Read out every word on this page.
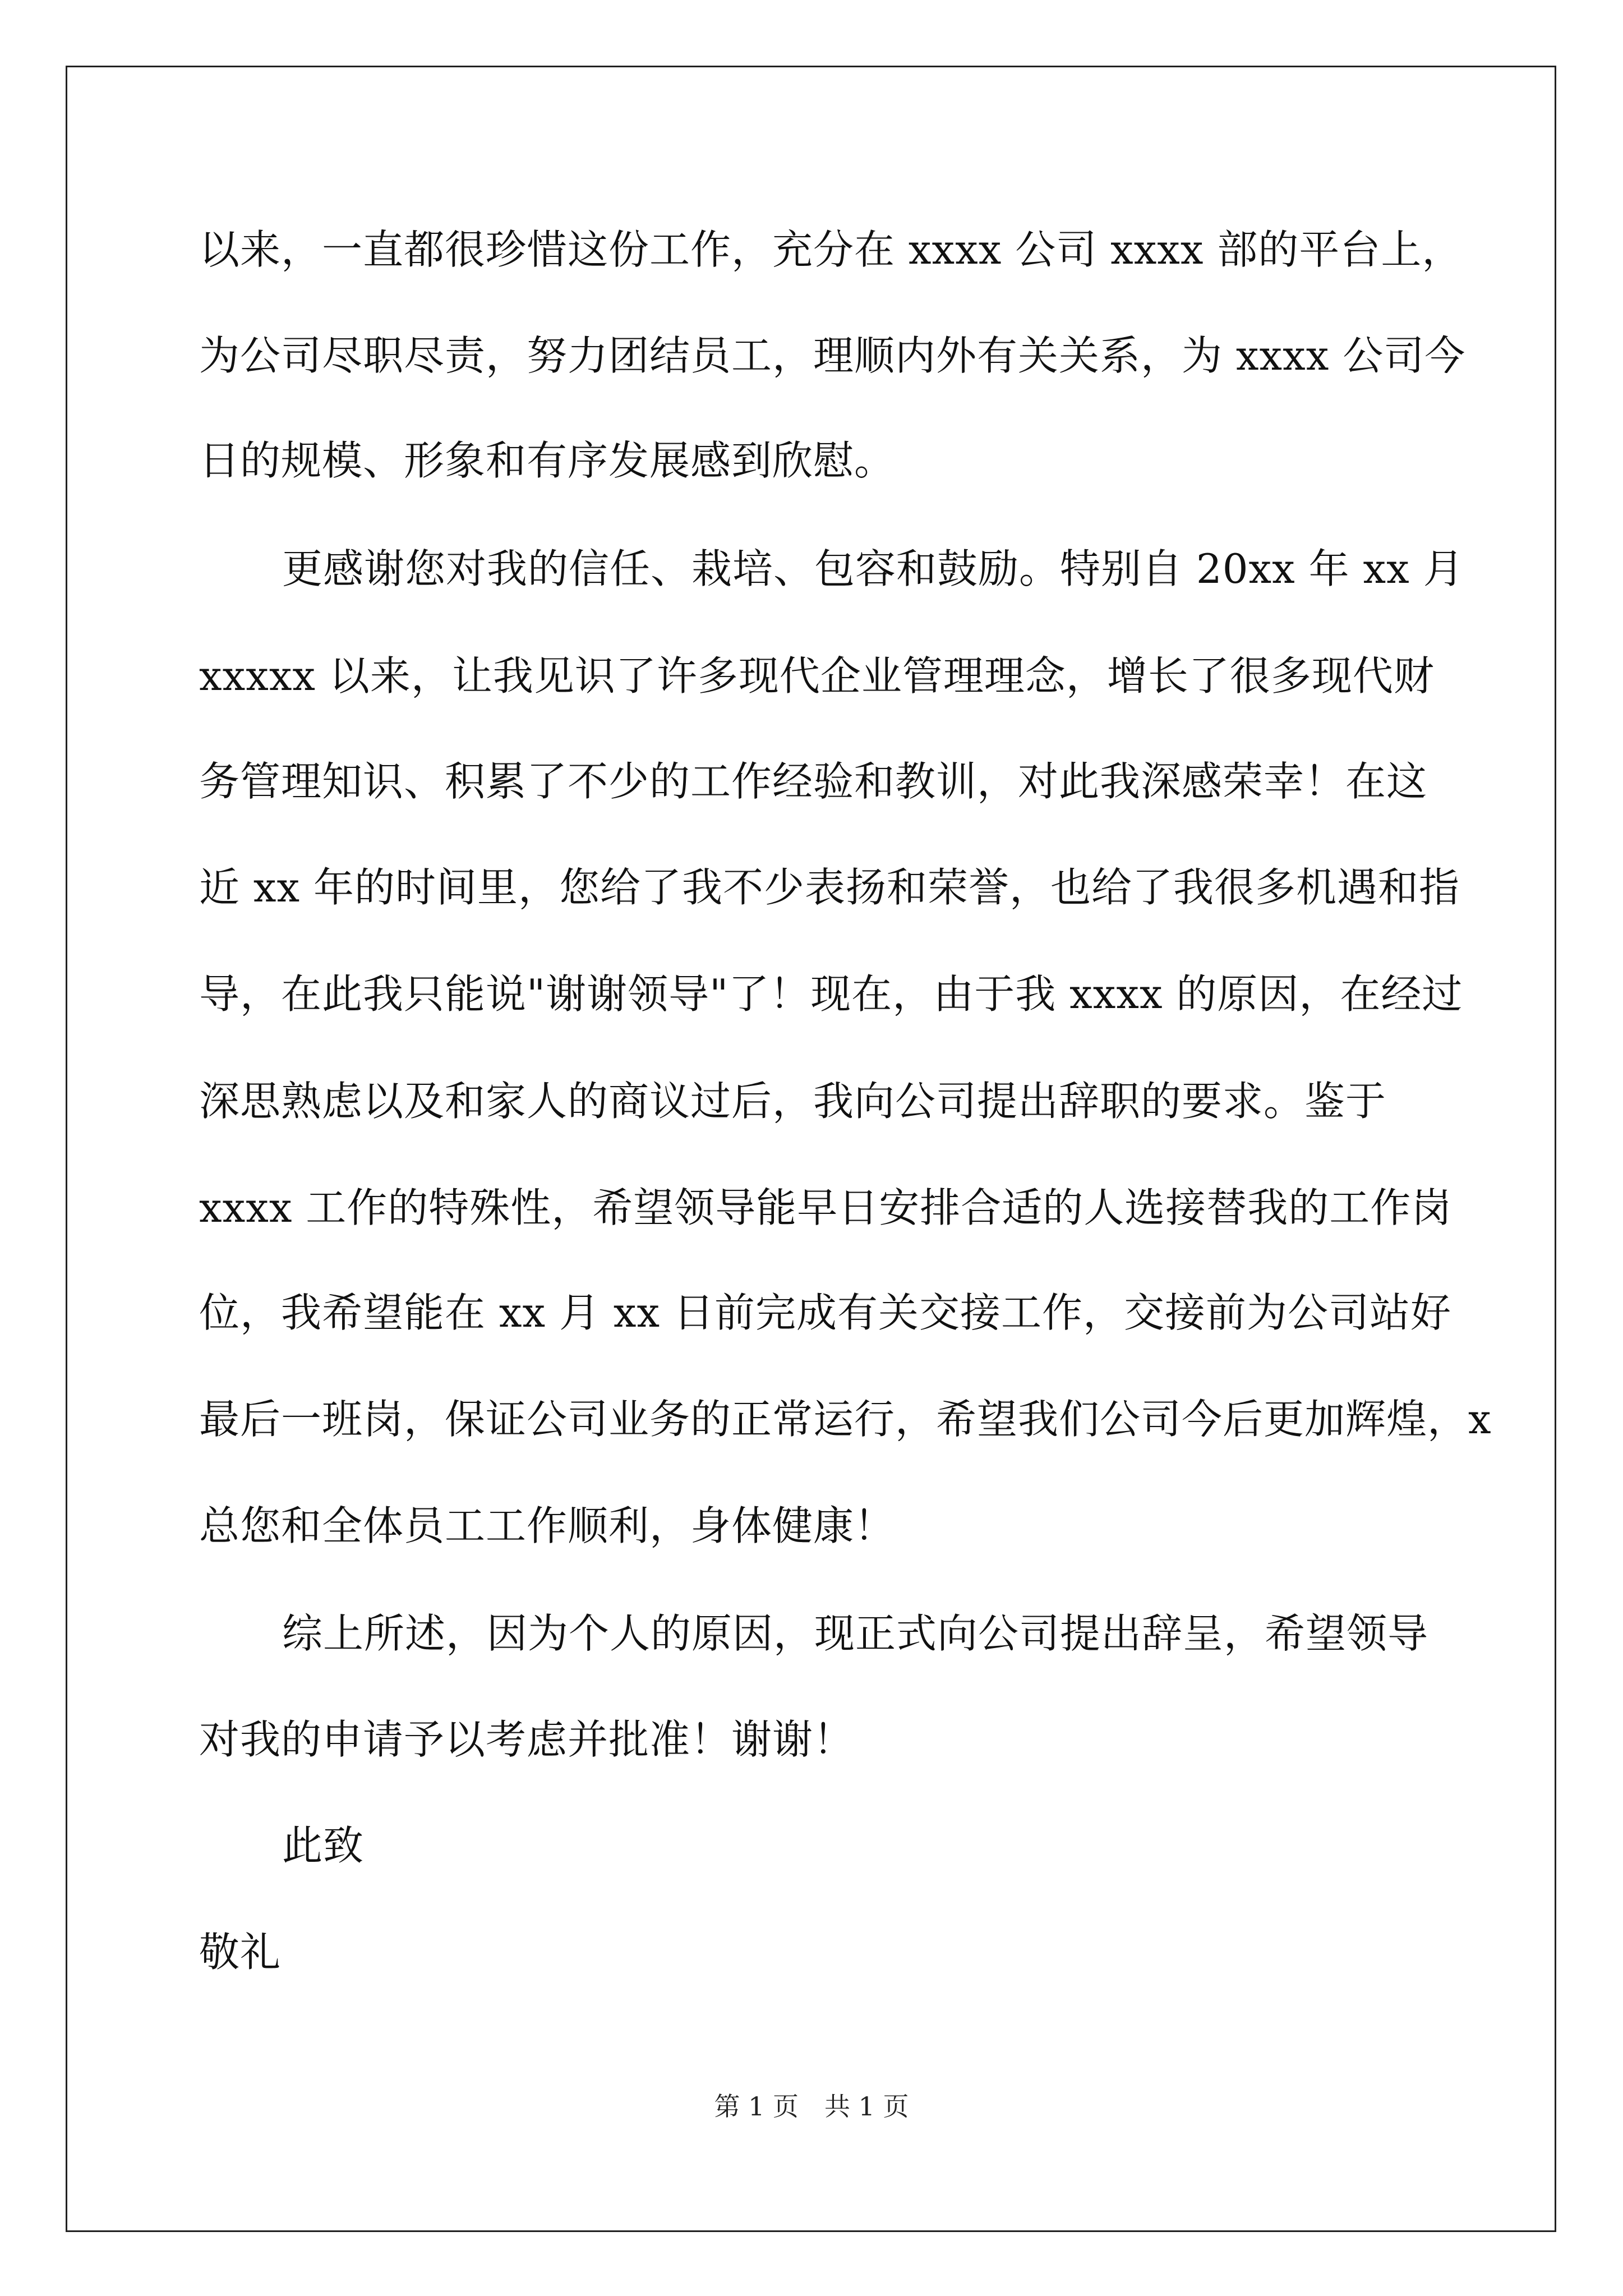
以来，一直都很珍惜这份工作，充分在 xxxx 公司 xxxx 部的平台上，
为公司尽职尽责，努力团结员工，理顺内外有关关系，为 xxxx 公司今
日的规模、形象和有序发展感到欣慰。
更感谢您对我的信任、栽培、包容和鼓励。特别自 20xx 年 xx 月
xxxxx 以来，让我见识了许多现代企业管理理念，增长了很多现代财
务管理知识、积累了不少的工作经验和教训，对此我深感荣幸！在这
近 xx 年的时间里，您给了我不少表扬和荣誉，也给了我很多机遇和指
导，在此我只能说"谢谢领导"了！现在，由于我 xxxx 的原因，在经过
深思熟虑以及和家人的商议过后，我向公司提出辞职的要求。鉴于
xxxx 工作的特殊性，希望领导能早日安排合适的人选接替我的工作岗
位，我希望能在 xx 月 xx 日前完成有关交接工作，交接前为公司站好
最后一班岗，保证公司业务的正常运行，希望我们公司今后更加辉煌，x
总您和全体员工工作顺利，身体健康！
综上所述，因为个人的原因，现正式向公司提出辞呈，希望领导
对我的申请予以考虑并批准！谢谢！
此致
敬礼
第 1 页　共 1 页
